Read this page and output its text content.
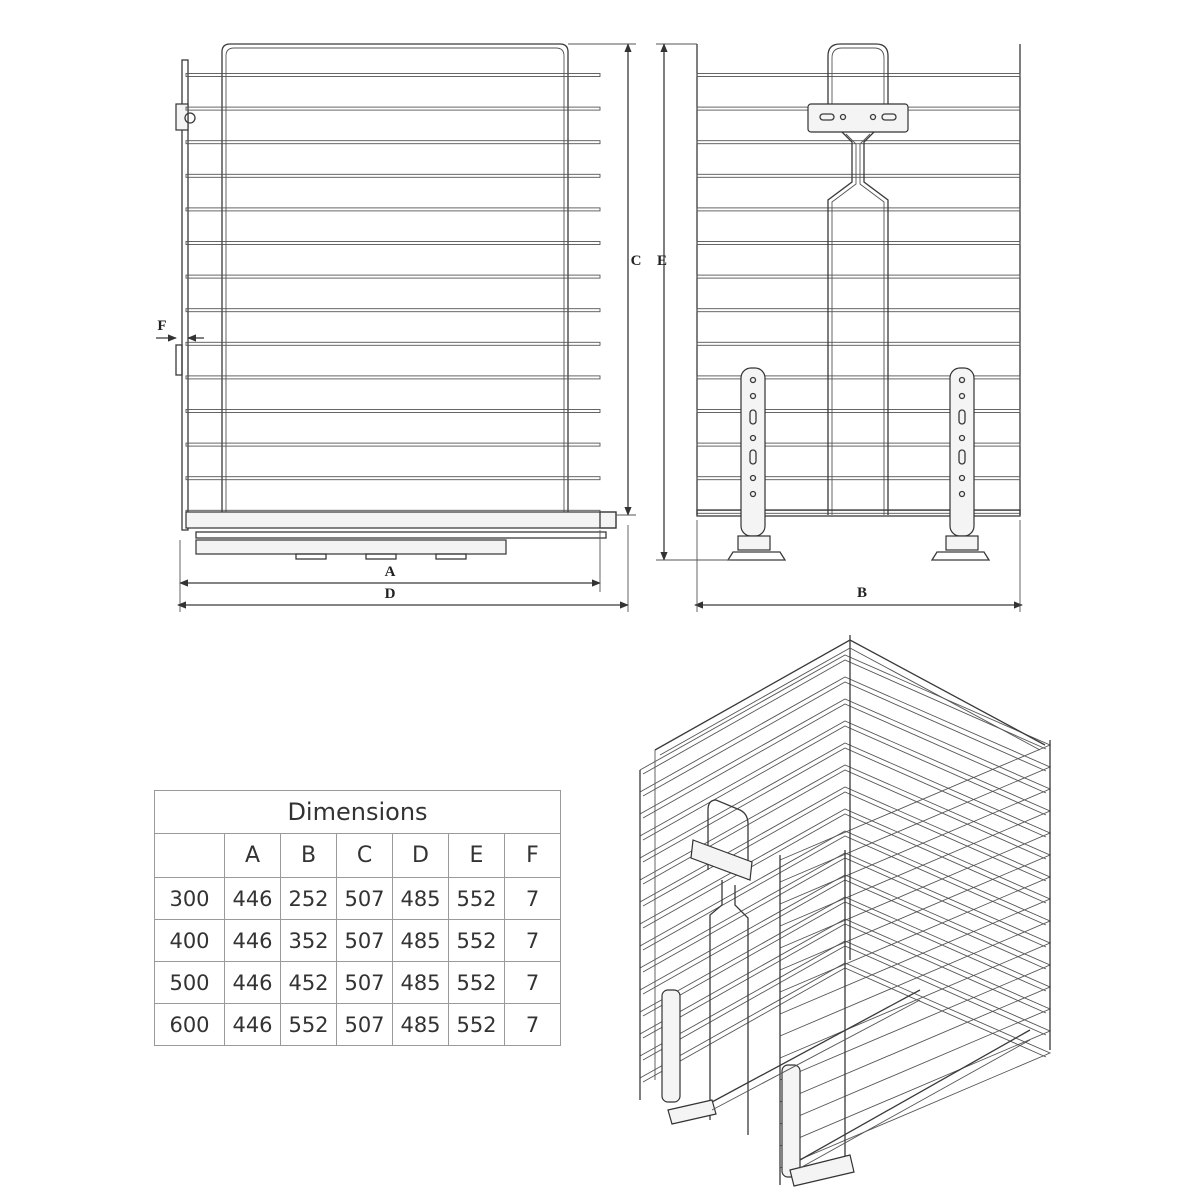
A
D
C
F
E
B
Dimensions						
	A	B	C	D	E	F
300	446	252	507	485	552	7
400	446	352	507	485	552	7
500	446	452	507	485	552	7
600	446	552	507	485	552	7
